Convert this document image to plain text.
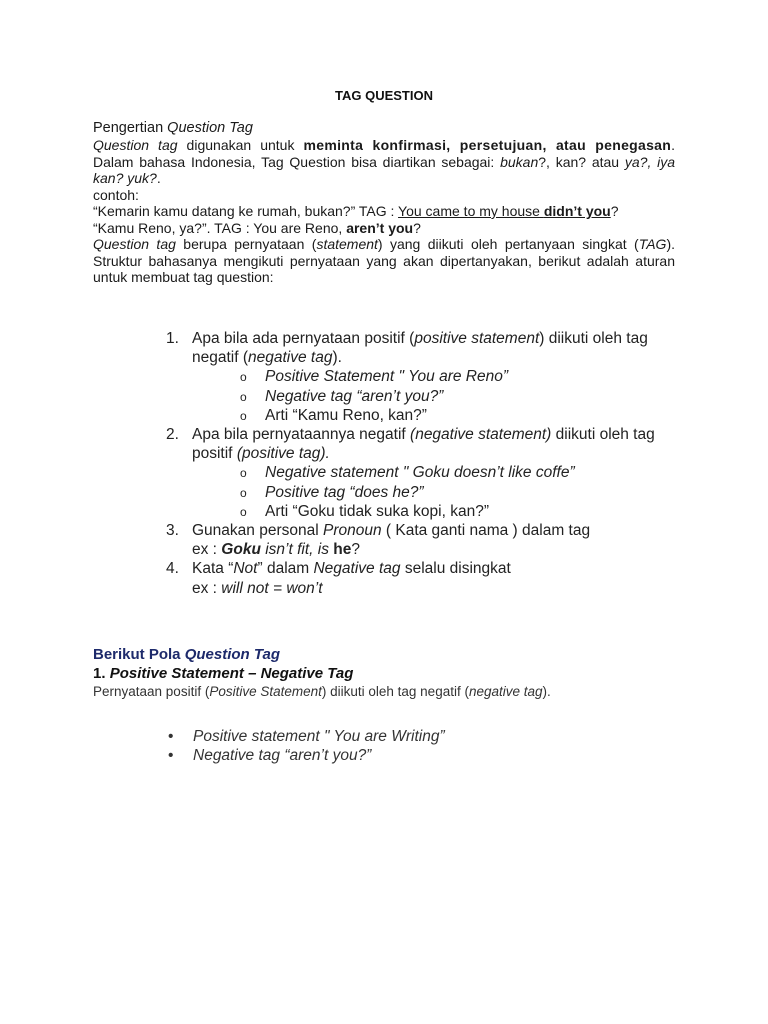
TAG QUESTION

Pengertian Question Tag

Question tag digunakan untuk meminta konfirmasi, persetujuan, atau penegasan. Dalam bahasa Indonesia, Tag Question bisa diartikan sebagai: bukan?, kan? atau ya?, iya kan? yuk?.

contoh:

“Kemarin kamu datang ke rumah, bukan?” TAG : You came to my house didn’t you?

“Kamu Reno, ya?”. TAG : You are Reno, aren’t you?

Question tag berupa pernyataan (statement) yang diikuti oleh pertanyaan singkat (TAG). Struktur bahasanya mengikuti pernyataan yang akan dipertanyakan, berikut adalah aturan untuk membuat tag question:

1. Apa bila ada pernyataan positif (positive statement) diikuti oleh tag negatif (negative tag).
o Positive Statement " You are Reno”
o Negative tag “aren’t you?”
o Arti “Kamu Reno, kan?”
2. Apa bila pernyataannya negatif (negative statement) diikuti oleh tag positif (positive tag).
o Negative statement " Goku doesn’t like coffe”
o Positive tag “does he?”
o Arti “Goku tidak suka kopi, kan?”
3. Gunakan personal Pronoun ( Kata ganti nama ) dalam tag
ex : Goku isn’t fit, is he?
4. Kata “Not” dalam Negative tag selalu disingkat
ex : will not = won’t
Berikut Pola Question Tag
1. Positive Statement – Negative Tag
Pernyataan positif (Positive Statement) diikuti oleh tag negatif (negative tag).
• Positive statement " You are Writing”
• Negative tag “aren’t you?”
